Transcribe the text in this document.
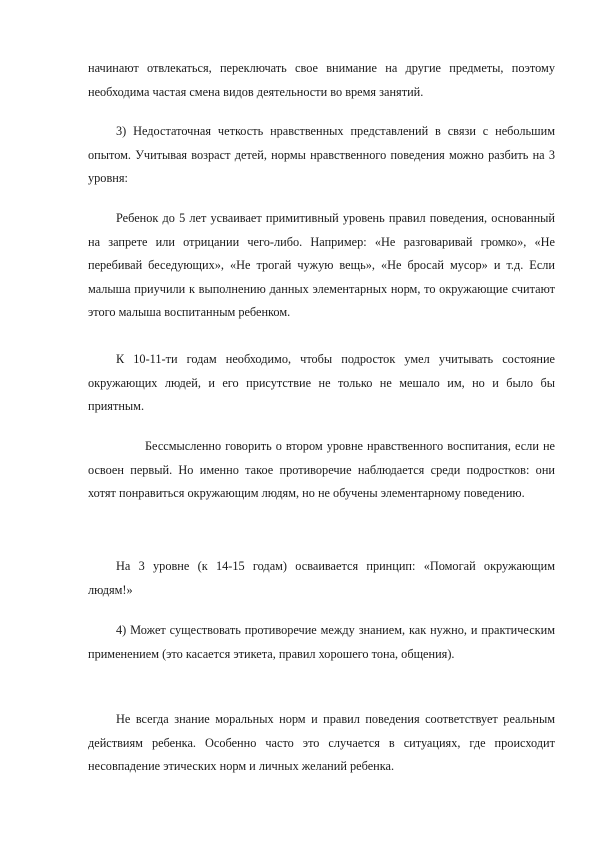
начинают отвлекаться, переключать свое внимание на другие предметы, поэтому необходима частая смена видов деятельности во время занятий.

3) Недостаточная четкость нравственных представлений в связи с небольшим опытом. Учитывая возраст детей, нормы нравственного поведения можно разбить на 3 уровня:

Ребенок до 5 лет усваивает примитивный уровень правил поведения, основанный на запрете или отрицании чего-либо. Например: «Не разговаривай громко», «Не перебивай беседующих», «Не трогай чужую вещь», «Не бросай мусор» и т.д. Если малыша приучили к выполнению данных элементарных норм, то окружающие считают этого малыша воспитанным ребенком.

К 10-11-ти годам необходимо, чтобы подросток умел учитывать состояние окружающих людей, и его присутствие не только не мешало им, но и было бы приятным.

Бессмысленно говорить о втором уровне нравственного воспитания, если не освоен первый. Но именно такое противоречие наблюдается среди подростков: они хотят понравиться окружающим людям, но не обучены элементарному поведению.

На 3 уровне (к 14-15 годам) осваивается принцип: «Помогай окружающим людям!»

4) Может существовать противоречие между знанием, как нужно, и практическим применением (это касается этикета, правил хорошего тона, общения).

Не всегда знание моральных норм и правил поведения соответствует реальным действиям ребенка. Особенно часто это случается в ситуациях, где происходит несовпадение этических норм и личных желаний ребенка.
